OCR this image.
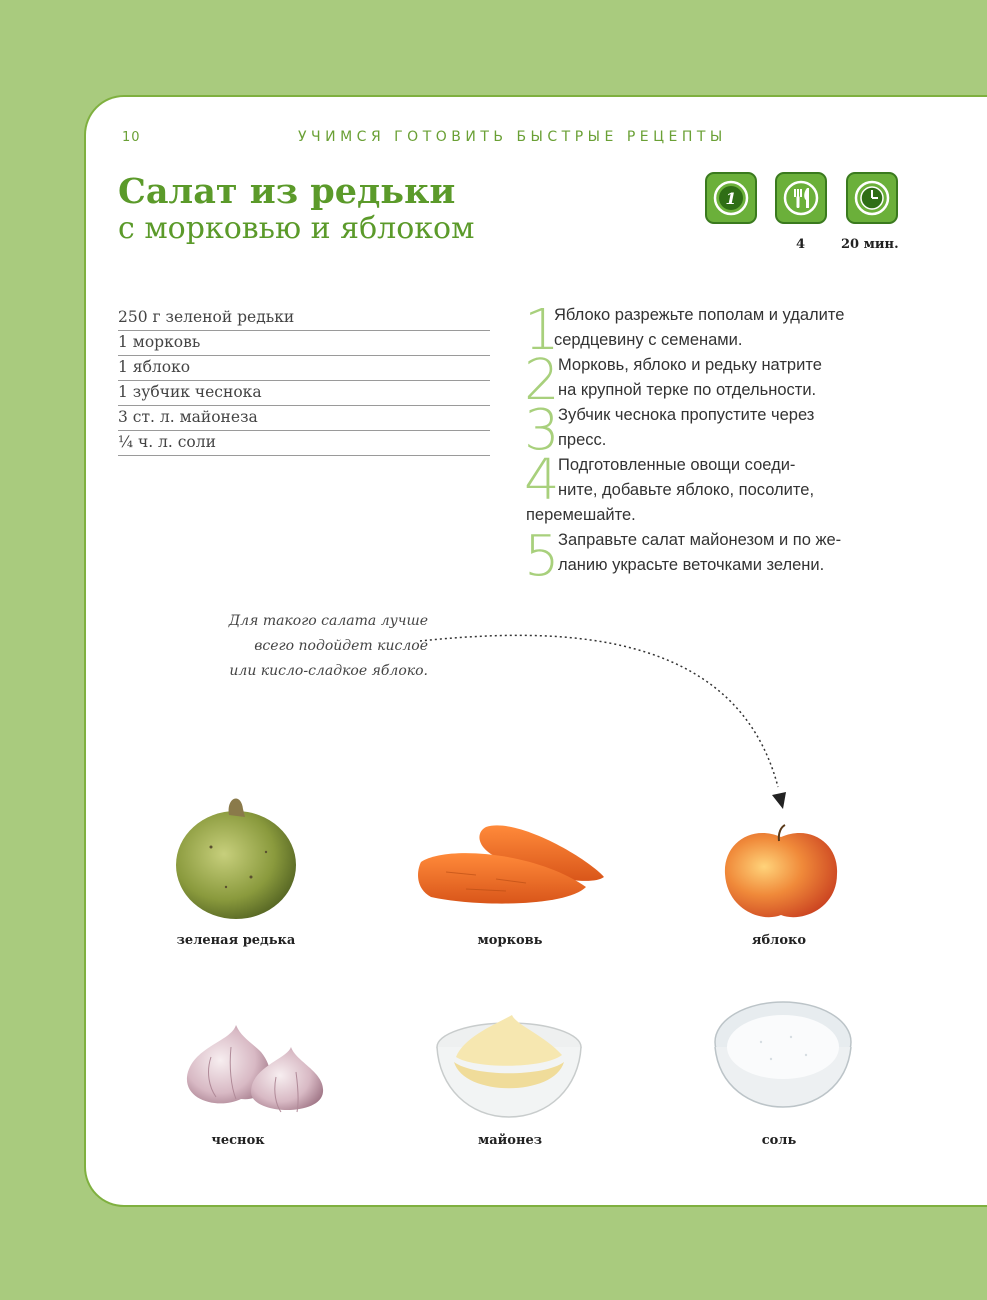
10	УЧИМСЯ ГОТОВИТЬ БЫСТРЫЕ РЕЦЕПТЫ
Салат из редьки
с морковью и яблоком
1
4	20 мин.
250 г зеленой редьки
1 морковь
1 яблоко
1 зубчик чеснока
3 ст. л. майонеза
¼ ч. л. соли
1
Яблоко разрежьте пополам и удалите
сердцевину с семенами.
2
Морковь, яблоко и редьку натрите
на крупной терке по отдельности.
3
Зубчик чеснока пропустите через
пресс.
4
Подготовленные овощи соеди-
ните, добавьте яблоко, посолите,
перемешайте.
5
Заправьте салат майонезом и по же-
ланию украсьте веточками зелени.
Для такого салата лучше
всего подойдет кислое
или кисло-сладкое яблоко.
зеленая редька	морковь	яблоко
чеснок	майонез	соль
